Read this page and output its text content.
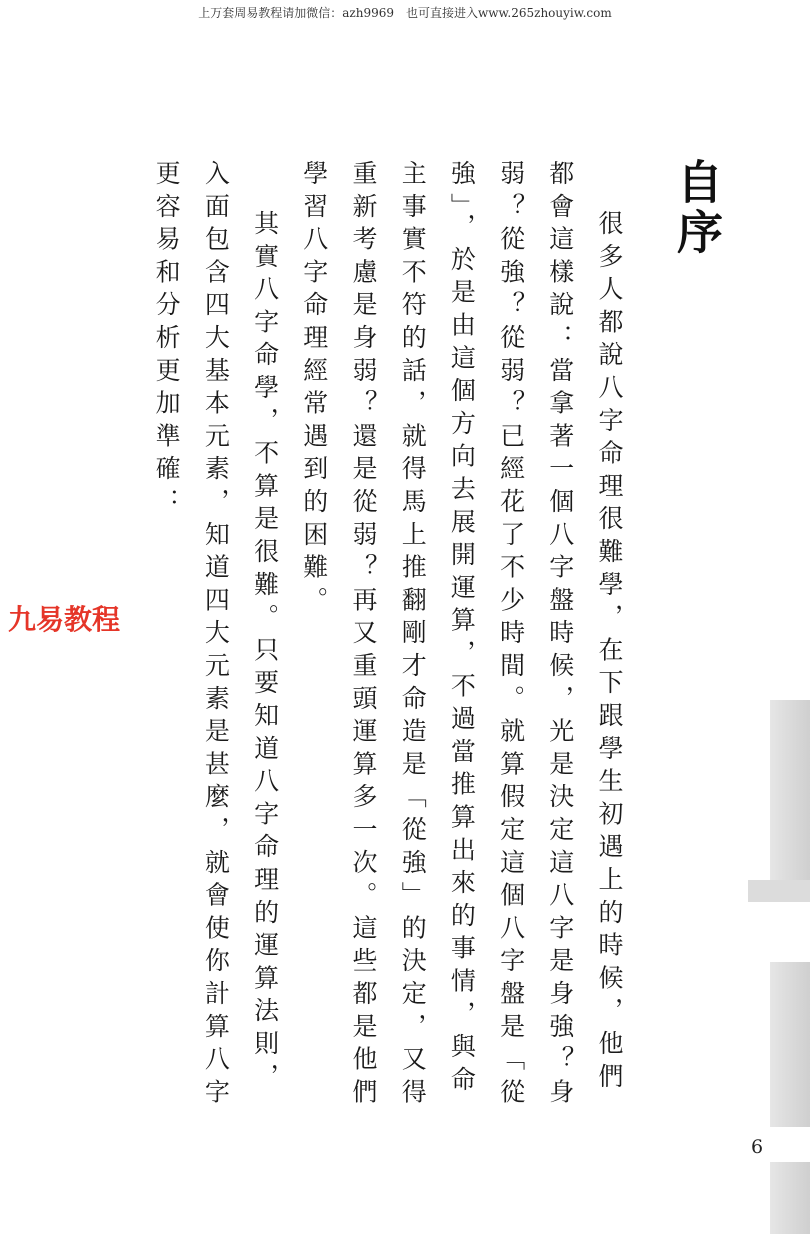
上万套周易教程请加微信：azh9969　也可直接进入www.265zhouyiw.com
自序

很多人都說八字命理很難學，在下跟學生初遇上的時候，他們都會這樣說：當拿著一個八字盤時候，光是決定這八字是身強？身弱？從強？從弱？已經花了不少時間。就算假定這個八字盤是「從強」，於是由這個方向去展開運算，不過當推算出來的事情，與命主事實不符的話，就得馬上推翻剛才命造是「從強」的決定，又得重新考慮是身弱？還是從弱？再又重頭運算多一次。這些都是他們學習八字命理經常遇到的困難。

其實八字命學，不算是很難。只要知道八字命理的運算法則，入面包含四大基本元素，知道四大元素是甚麼，就會使你計算八字更容易和分析更加準確：

九易教程
6
